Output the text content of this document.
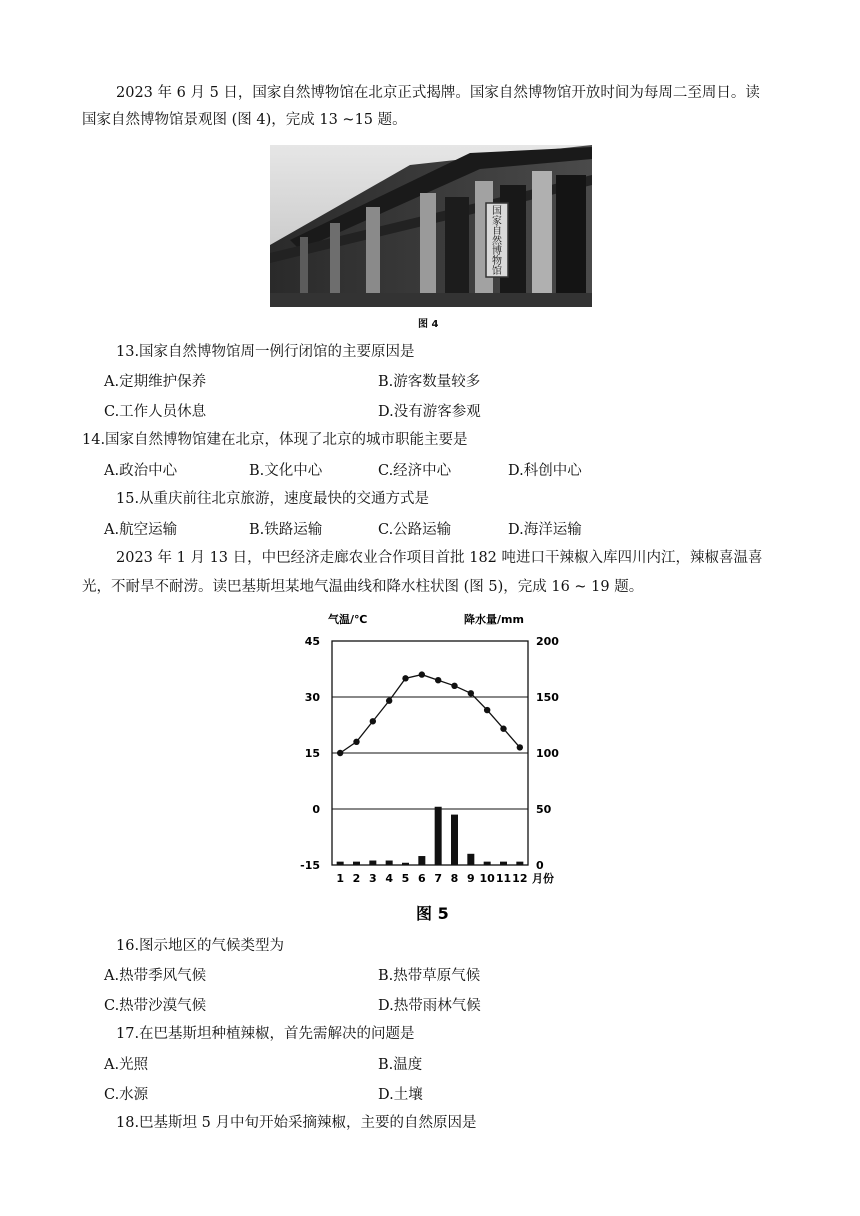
2023 年 6 月 5 日，国家自然博物馆在北京正式揭牌。国家自然博物馆开放时间为每周二至周日。读
国家自然博物馆景观图 (图 4)，完成 13 ~15 题。
国家自然博物馆
图 4
13.国家自然博物馆周一例行闭馆的主要原因是
A.定期维护保养	B.游客数量较多
C.工作人员休息	D.没有游客参观
14.国家自然博物馆建在北京，体现了北京的城市职能主要是
A.政治中心	B.文化中心	C.经济中心	D.科创中心
15.从重庆前往北京旅游，速度最快的交通方式是
A.航空运输	B.铁路运输	C.公路运输	D.海洋运输
2023 年 1 月 13 日，中巴经济走廊农业合作项目首批 182 吨进口干辣椒入库四川内江，辣椒喜温喜
光，不耐旱不耐涝。读巴基斯坦某地气温曲线和降水柱状图 (图 5)，完成 16 ~ 19 题。
气温/℃	降水量/mm
45
30
15
0
-15
200
150
100
50
0
1 2 3 4 5 6 7 8 9 10 11 12 月份
图 5
16.图示地区的气候类型为
A.热带季风气候	B.热带草原气候
C.热带沙漠气候	D.热带雨林气候
17.在巴基斯坦种植辣椒，首先需解决的问题是
A.光照	B.温度
C.水源	D.土壤
18.巴基斯坦 5 月中旬开始采摘辣椒，主要的自然原因是
